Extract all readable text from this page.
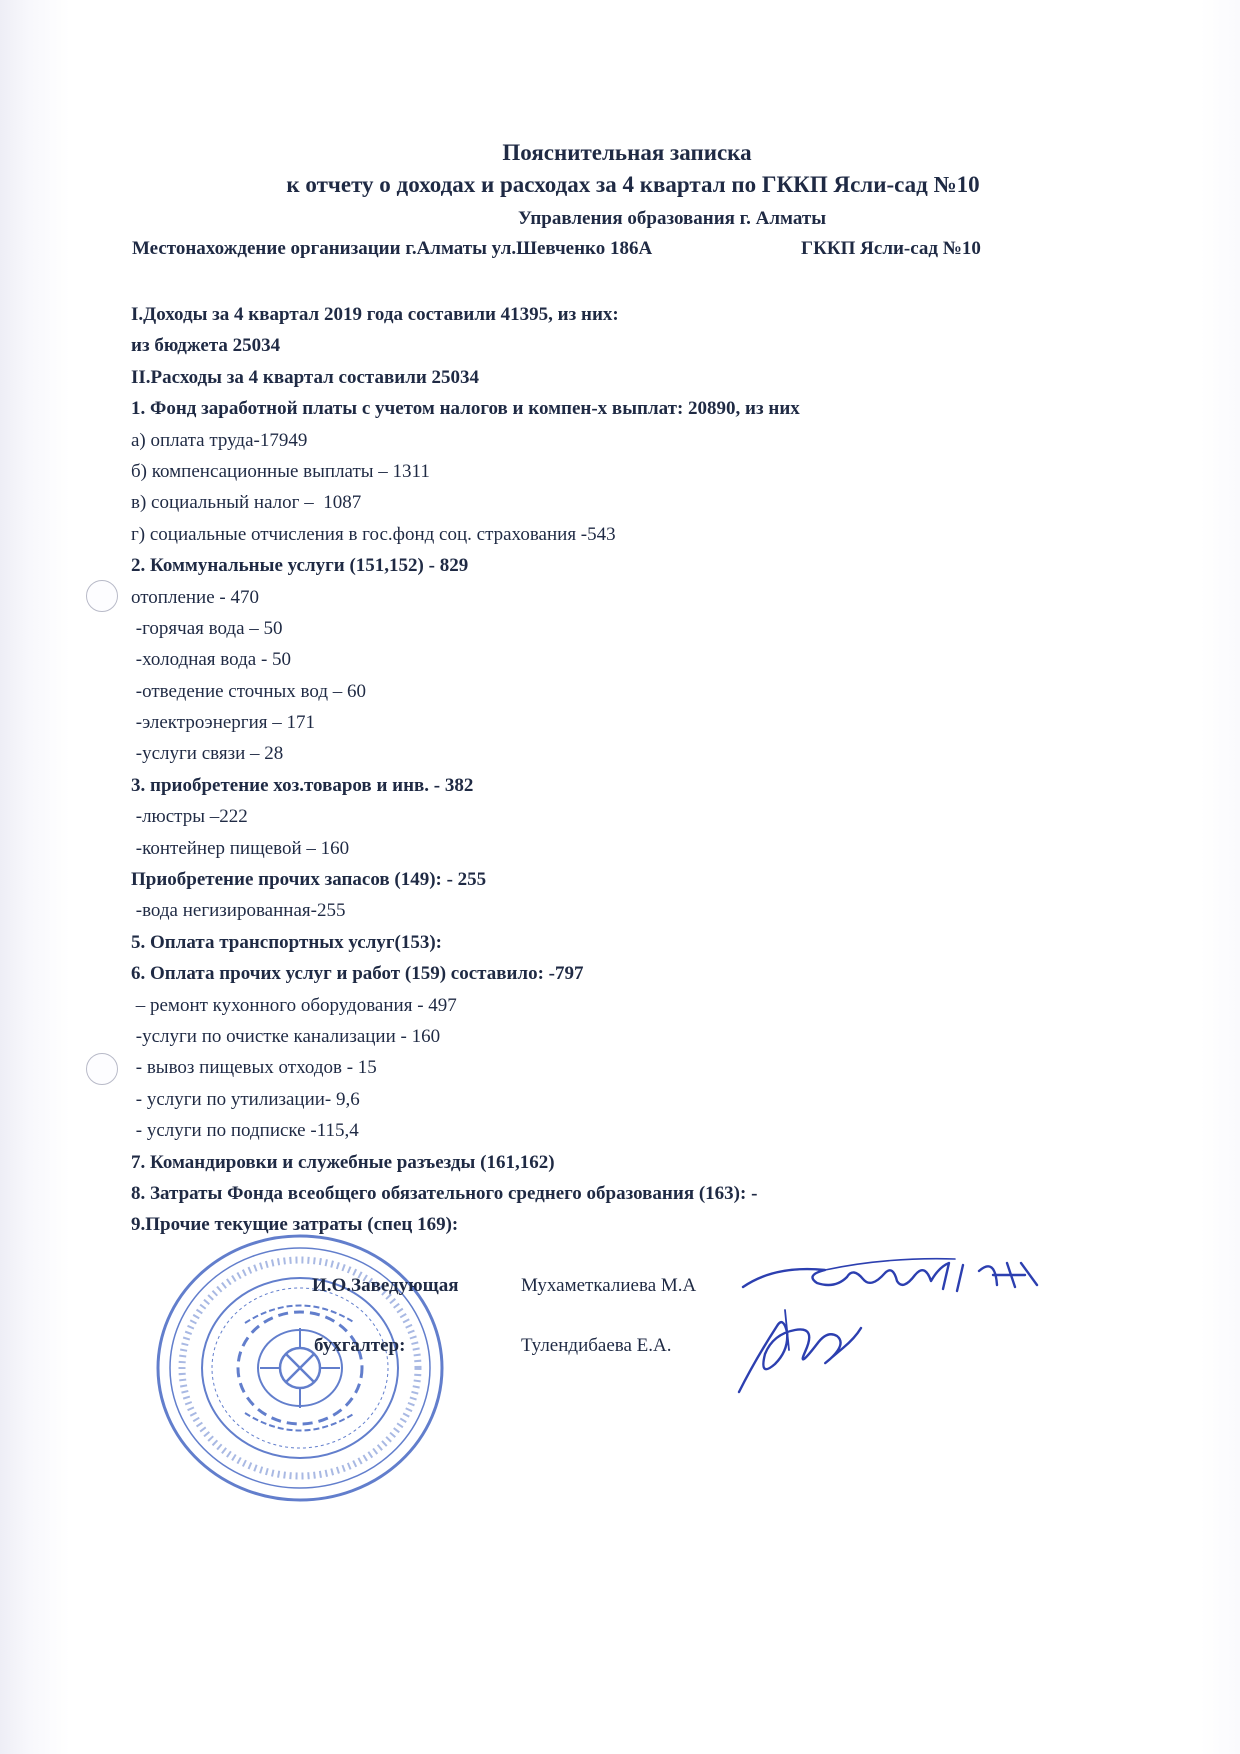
Пояснительная записка
к отчету о доходах и расходах за 4 квартал по ГККП Ясли-сад №10
Управления образования г. Алматы
Местонахождение организации г.Алматы ул.Шевченко 186А	ГККП Ясли-сад №10
I.Доходы за 4 квартал 2019 года составили 41395, из них:
из бюджета 25034
II.Расходы за 4 квартал составили 25034
1. Фонд заработной платы с учетом налогов и компен-х выплат: 20890, из них
а) оплата труда-17949
б) компенсационные выплаты – 1311
в) социальный налог –  1087
г) социальные отчисления в гос.фонд соц. страхования -543
2. Коммунальные услуги (151,152) - 829
отопление - 470
-горячая вода – 50
-холодная вода - 50
-отведение сточных вод – 60
-электроэнергия – 171
-услуги связи – 28
3. приобретение хоз.товаров и инв. - 382
-люстры –222
-контейнер пищевой – 160
Приобретение прочих запасов (149): - 255
-вода негизированная-255
5. Оплата транспортных услуг(153):
6. Оплата прочих услуг и работ (159) составило: -797
– ремонт кухонного оборудования - 497
-услуги по очистке канализации - 160
- вывоз пищевых отходов - 15
- услуги по утилизации- 9,6
- услуги по подписке -115,4
7. Командировки и служебные разъезды (161,162)
8. Затраты Фонда всеобщего обязательного среднего образования (163): -
9.Прочие текущие затраты (спец 169):
И.О.Заведующая	Мухаметкалиева М.А
бухгалтер:	Тулендибаева Е.А.
